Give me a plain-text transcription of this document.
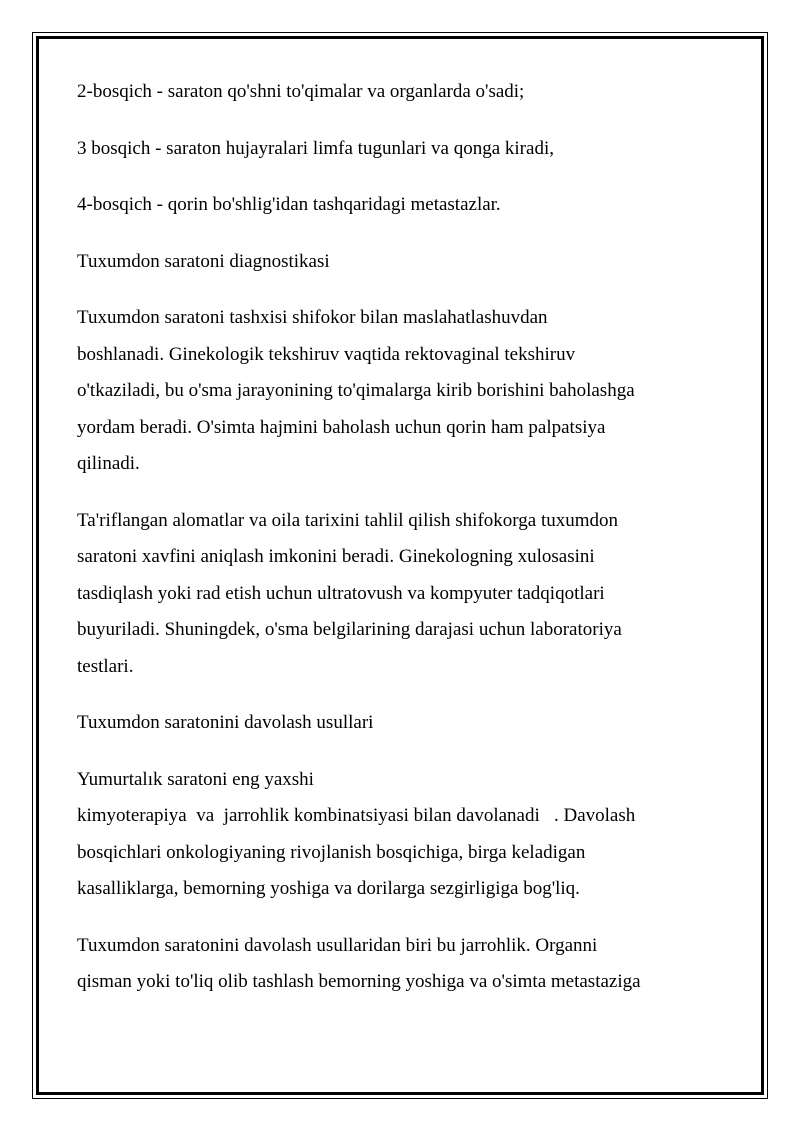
2-bosqich - saraton qo'shni to'qimalar va organlarda o'sadi;

3 bosqich - saraton hujayralari limfa tugunlari va qonga kiradi,

4-bosqich - qorin bo'shlig'idan tashqaridagi metastazlar.

Tuxumdon saratoni diagnostikasi

Tuxumdon saratoni tashxisi shifokor bilan maslahatlashuvdan
boshlanadi. Ginekologik tekshiruv vaqtida rektovaginal tekshiruv
o'tkaziladi, bu o'sma jarayonining to'qimalarga kirib borishini baholashga
yordam beradi. O'simta hajmini baholash uchun qorin ham palpatsiya
qilinadi.

Ta'riflangan alomatlar va oila tarixini tahlil qilish shifokorga tuxumdon
saratoni xavfini aniqlash imkonini beradi. Ginekologning xulosasini
tasdiqlash yoki rad etish uchun ultratovush va kompyuter tadqiqotlari
buyuriladi. Shuningdek, o'sma belgilarining darajasi uchun laboratoriya
testlari.

Tuxumdon saratonini davolash usullari

Yumurtalık saratoni eng yaxshi
kimyoterapiya  va  jarrohlik kombinatsiyasi bilan davolanadi   . Davolash
bosqichlari onkologiyaning rivojlanish bosqichiga, birga keladigan
kasalliklarga, bemorning yoshiga va dorilarga sezgirligiga bog'liq.

Tuxumdon saratonini davolash usullaridan biri bu jarrohlik. Organni
qisman yoki to'liq olib tashlash bemorning yoshiga va o'simta metastaziga
